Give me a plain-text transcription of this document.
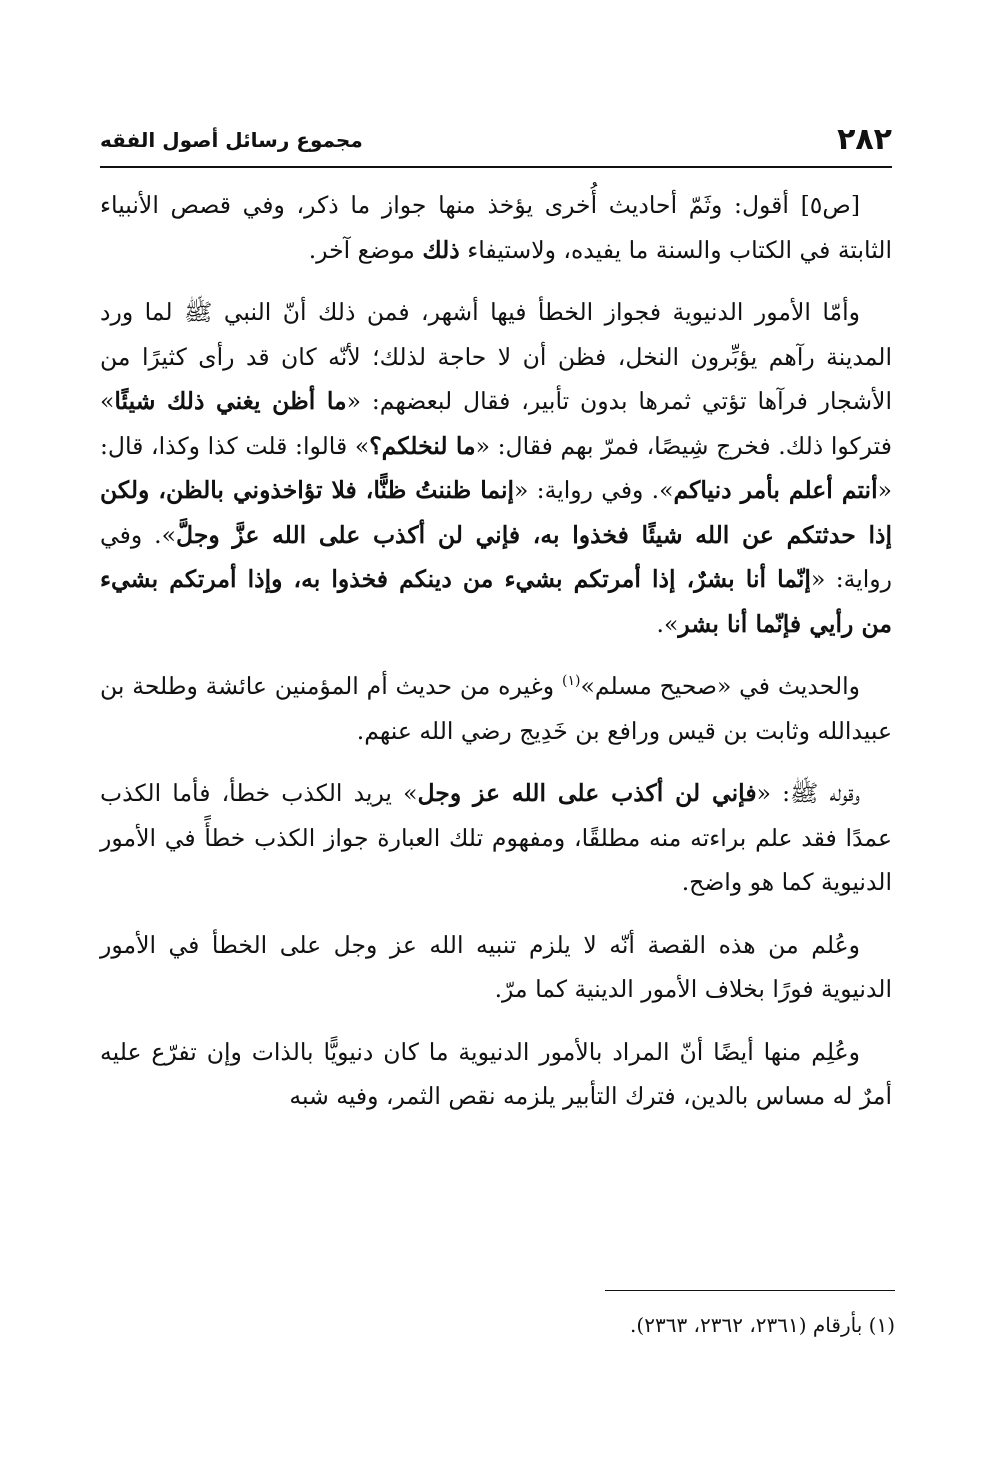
٢٨٢
مجموع رسائل أصول الفقه

[ص٥] أقول: وثَمّ أحاديث أُخرى يؤخذ منها جواز ما ذكر، وفي قصص الأنبياء الثابتة في الكتاب والسنة ما يفيده، ولاستيفاء ذلك موضع آخر.

وأمّا الأمور الدنيوية فجواز الخطأ فيها أشهر، فمن ذلك أنّ النبي ﷺ لما ورد المدينة رآهم يؤبِّرون النخل، فظن أن لا حاجة لذلك؛ لأنّه كان قد رأى كثيرًا من الأشجار فرآها تؤتي ثمرها بدون تأبير، فقال لبعضهم: «ما أظن يغني ذلك شيئًا» فتركوا ذلك. فخرج شِيصًا، فمرّ بهم فقال: «ما لنخلكم؟» قالوا: قلت كذا وكذا، قال: «أنتم أعلم بأمر دنياكم». وفي رواية: «إنما ظننتُ ظنًّا، فلا تؤاخذوني بالظن، ولكن إذا حدثتكم عن الله شيئًا فخذوا به، فإني لن أكذب على الله عزَّ وجلَّ». وفي رواية: «إنّما أنا بشرٌ، إذا أمرتكم بشيء من دينكم فخذوا به، وإذا أمرتكم بشيء من رأيي فإنّما أنا بشر».

والحديث في «صحيح مسلم»$^{(١)}$ وغيره من حديث أم المؤمنين عائشة وطلحة بن عبيدالله وثابت بن قيس ورافع بن خَدِيج رضي الله عنهم.

وقوله ﷺ: «فإني لن أكذب على الله عز وجل» يريد الكذب خطأ، فأما الكذب عمدًا فقد علم براءته منه مطلقًا، ومفهوم تلك العبارة جواز الكذب خطأً في الأمور الدنيوية كما هو واضح.

وعُلم من هذه القصة أنّه لا يلزم تنبيه الله عز وجل على الخطأ في الأمور الدنيوية فورًا بخلاف الأمور الدينية كما مرّ.

وعُلِم منها أيضًا أنّ المراد بالأمور الدنيوية ما كان دنيويًّا بالذات وإن تفرّع عليه أمرٌ له مساس بالدين، فترك التأبير يلزمه نقص الثمر، وفيه شبه

(١) بأرقام (٢٣٦١، ٢٣٦٢، ٢٣٦٣).
